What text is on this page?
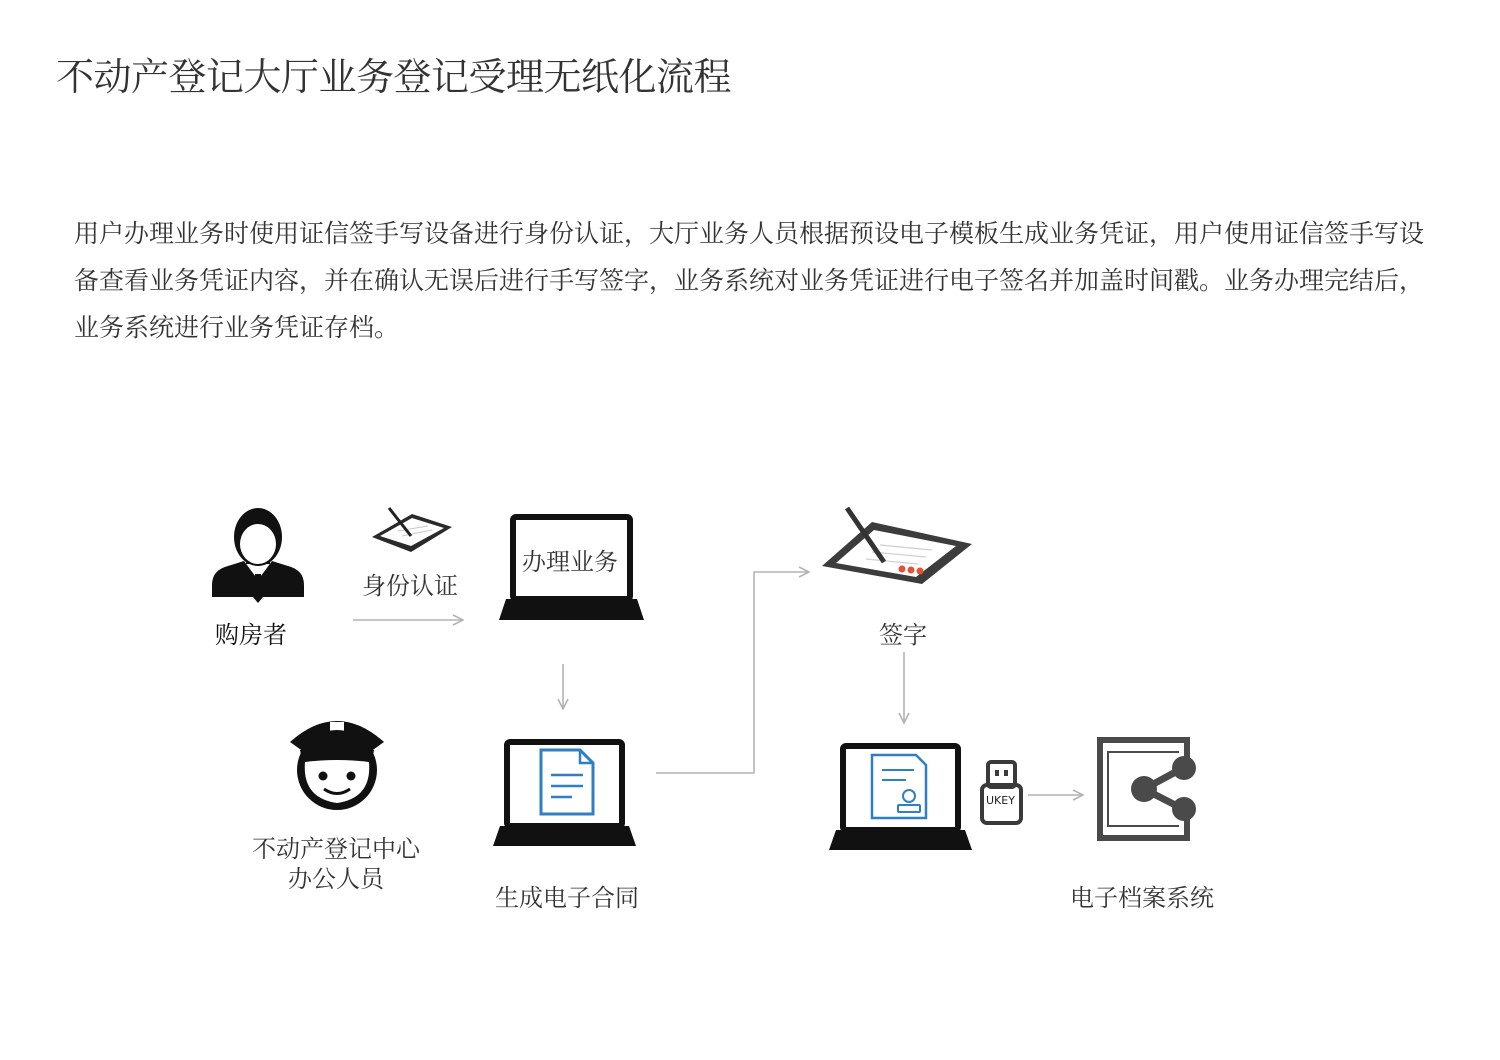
不动产登记大厅业务登记受理无纸化流程
用户办理业务时使用证信签手写设备进行身份认证，大厅业务人员根据预设电子模板生成业务凭证，用户使用证信签手写设备查看业务凭证内容，并在确认无误后进行手写签字，业务系统对业务凭证进行电子签名并加盖时间戳。业务办理完结后，业务系统进行业务凭证存档。
购房者
身份认证
办理业务
不动产登记中心
办公人员
生成电子合同
签字
UKEY
电子档案系统
